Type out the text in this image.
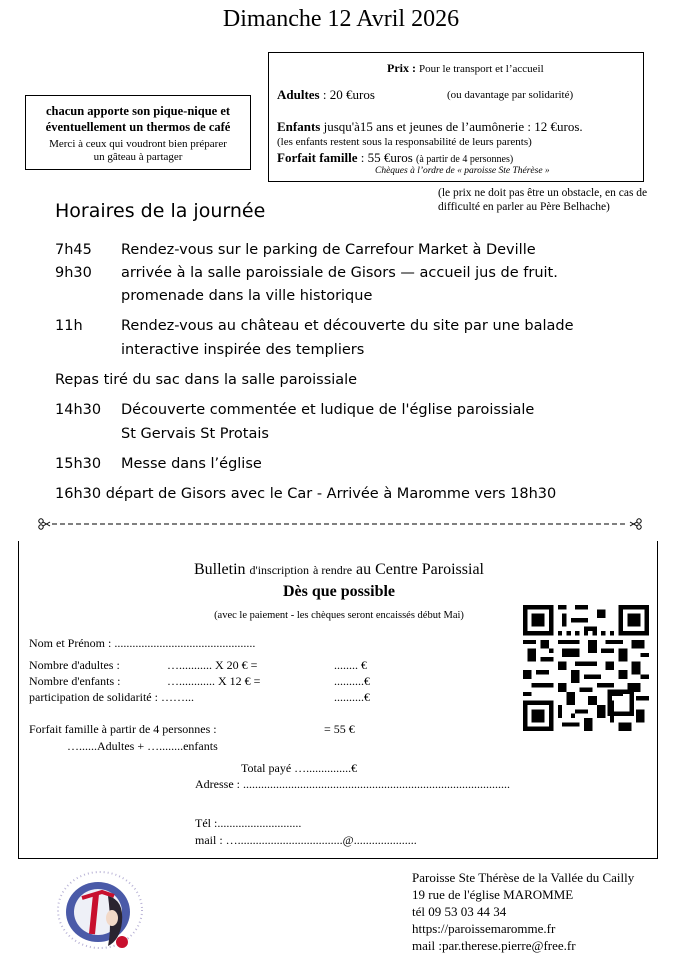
Dimanche 12 Avril 2026
Prix : Pour le transport et l’accueil
Adultes : 20 €uros	(ou davantage par solidarité)
Enfants jusqu'à15 ans et jeunes de l’aumônerie : 12 €uros.
(les enfants restent sous la responsabilité de leurs parents)
Forfait famille : 55 €uros (à partir de 4 personnes)
Chèques à l’ordre de « paroisse Ste Thérèse »
chacun apporte son pique-nique et
éventuellement un thermos de café
Merci à ceux qui voudront bien préparer
un gâteau à partager
(le prix ne doit pas être un obstacle, en cas de
difficulté en parler au Père Belhache)
Horaires de la journée
7h45 Rendez-vous sur le parking de Carrefour Market à Deville
9h30 arrivée à la salle paroissiale de Gisors — accueil jus de fruit.
promenade dans la ville historique
11h	Rendez-vous au château et découverte du site par une balade
interactive inspirée des templiers
Repas tiré du sac dans la salle paroissiale
14h30 Découverte commentée et ludique de l'église paroissiale
St Gervais St Protais
15h30 Messe dans l’église
16h30 départ de Gisors avec le Car - Arrivée à Maromme vers 18h30
Bulletin d'inscription à rendre au Centre Paroissial
Dès que possible
(avec le paiement - les chèques seront encaissés début Mai)
Nom et Prénom : ...............................................
Nombre d'adultes :	…........... X 20 € =	........ €
Nombre d'enfants :	…............ X 12 € =	..........€
participation de solidarité : ……...	..........€
Forfait famille à partir de 4 personnes :	= 55 €
…......Adultes + …........enfants
Total payé …...............€
Adresse : .........................................................................................
Tél :............................
mail : …...................................@.....................
Paroisse Ste Thérèse de la Vallée du Cailly
19 rue de l'église MAROMME
tél 09 53 03 44 34
https://paroissemaromme.fr
mail :par.therese.pierre@free.fr
